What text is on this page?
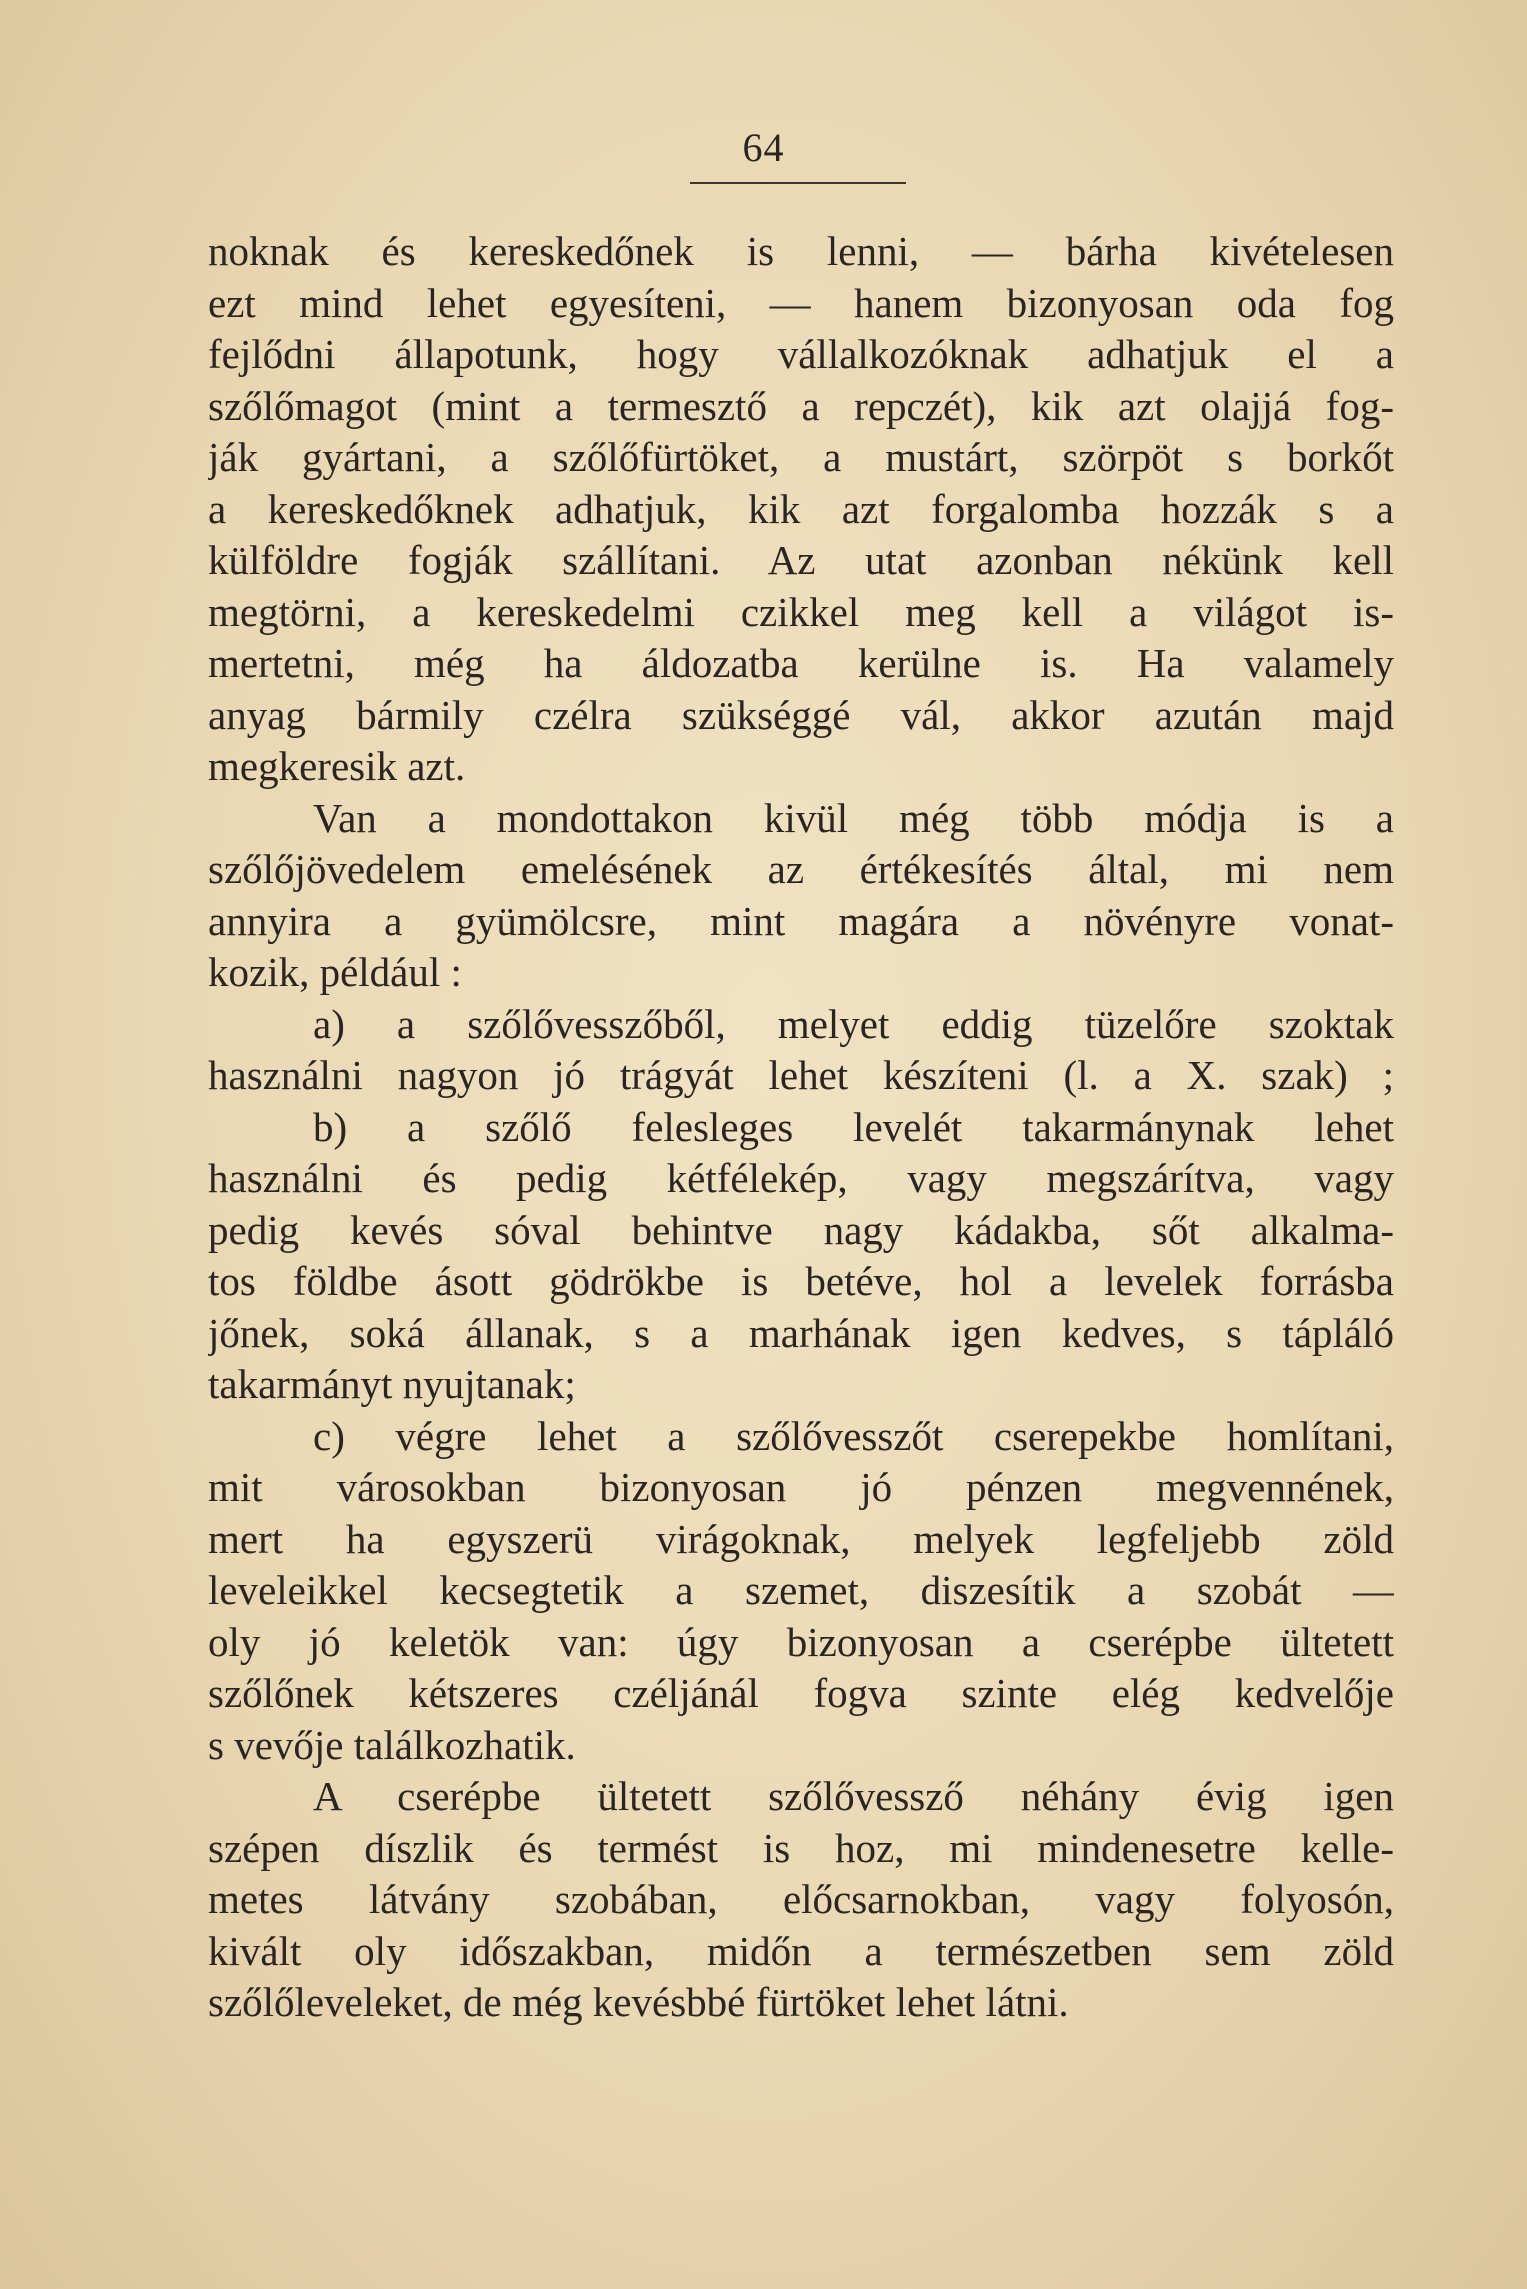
64
noknak és kereskedőnek is lenni, — bárha kivételesen
ezt mind lehet egyesíteni, — hanem bizonyosan oda fog
fejlődni állapotunk, hogy vállalkozóknak adhatjuk el a
szőlőmagot (mint a termesztő a repczét), kik azt olajjá fog-
ják gyártani, a szőlőfürtöket, a mustárt, szörpöt s borkőt
a kereskedőknek adhatjuk, kik azt forgalomba hozzák s a
külföldre fogják szállítani. Az utat azonban nékünk kell
megtörni, a kereskedelmi czikkel meg kell a világot is-
mertetni, még ha áldozatba kerülne is. Ha valamely
anyag bármily czélra szükséggé vál, akkor azután majd
megkeresik azt.
Van a mondottakon kivül még több módja is a
szőlőjövedelem emelésének az értékesítés által, mi nem
annyira a gyümölcsre, mint magára a növényre vonat-
kozik, például :
a) a szőlővesszőből, melyet eddig tüzelőre szoktak
használni nagyon jó trágyát lehet készíteni (l. a X. szak) ;
b) a szőlő felesleges levelét takarmánynak lehet
használni és pedig kétfélekép, vagy megszárítva, vagy
pedig kevés sóval behintve nagy kádakba, sőt alkalma-
tos földbe ásott gödrökbe is betéve, hol a levelek forrásba
jőnek, soká állanak, s a marhának igen kedves, s tápláló
takarmányt nyujtanak;
c) végre lehet a szőlővesszőt cserepekbe homlítani,
mit városokban bizonyosan jó pénzen megvennének,
mert ha egyszerü virágoknak, melyek legfeljebb zöld
leveleikkel kecsegtetik a szemet, diszesítik a szobát —
oly jó keletök van: úgy bizonyosan a cserépbe ültetett
szőlőnek kétszeres czéljánál fogva szinte elég kedvelője
s vevője találkozhatik.
A cserépbe ültetett szőlővessző néhány évig igen
szépen díszlik és termést is hoz, mi mindenesetre kelle-
metes látvány szobában, előcsarnokban, vagy folyosón,
kivált oly időszakban, midőn a természetben sem zöld
szőlőleveleket, de még kevésbbé fürtöket lehet látni.
